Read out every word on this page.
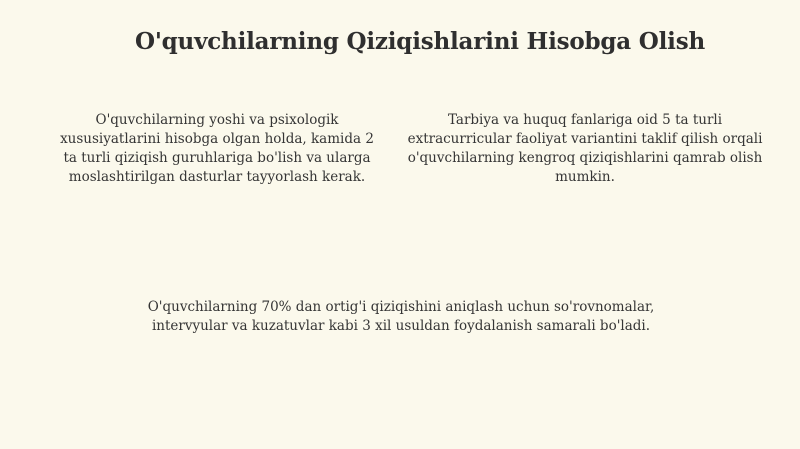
O'quvchilarning Qiziqishlarini Hisobga Olish

O'quvchilarning yoshi va psixologik xususiyatlarini hisobga olgan holda, kamida 2 ta turli qiziqish guruhlariga bo'lish va ularga moslashtirilgan dasturlar tayyorlash kerak.

Tarbiya va huquq fanlariga oid 5 ta turli extracurricular faoliyat variantini taklif qilish orqali o'quvchilarning kengroq qiziqishlarini qamrab olish mumkin.

O'quvchilarning 70% dan ortig'i qiziqishini aniqlash uchun so'rovnomalar, intervyular va kuzatuvlar kabi 3 xil usuldan foydalanish samarali bo'ladi.
